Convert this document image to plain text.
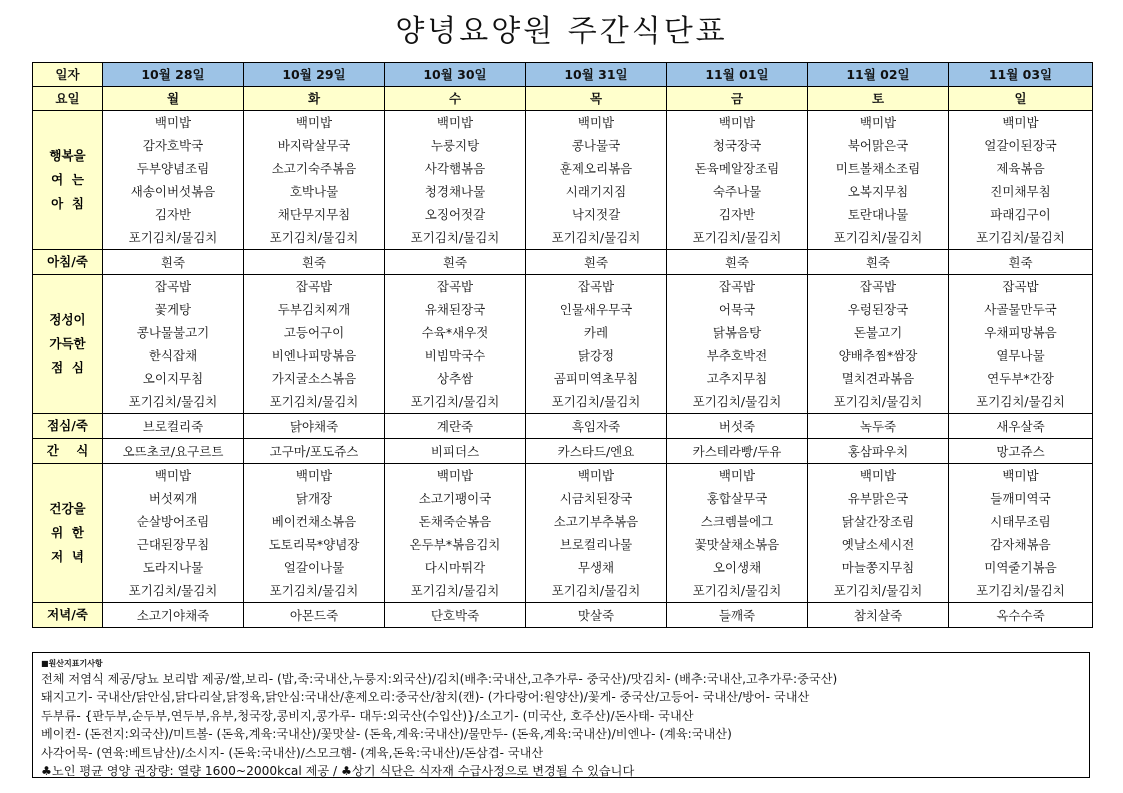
양녕요양원 주간식단표
일자	10월 28일	10월 29일	10월 30일	10월 31일	11월 01일	11월 02일	11월 03일
요일	월	화	수	목	금	토	일

행복을
여  는
아  침	백미밥	백미밥	백미밥	백미밥	백미밥	백미밥	백미밥
	감자호박국	바지락살무국	누룽지탕	콩나물국	청국장국	북어맑은국	얼갈이된장국
	두부양념조림	소고기숙주볶음	사각햄볶음	훈제오리볶음	돈육메알장조림	미트볼채소조림	제육볶음
	새송이버섯볶음	호박나물	청경채나물	시래기지짐	숙주나물	오복지무침	진미채무침
	김자반	채단무지무침	오징어젓갈	낙지젓갈	김자반	토란대나물	파래김구이
	포기김치/물김치	포기김치/물김치	포기김치/물김치	포기김치/물김치	포기김치/물김치	포기김치/물김치	포기김치/물김치

아침/죽	흰죽	흰죽	흰죽	흰죽	흰죽	흰죽	흰죽

정성이
가득한
점  심	잡곡밥	잡곡밥	잡곡밥	잡곡밥	잡곡밥	잡곡밥	잡곡밥
	꽃게탕	두부김치찌개	유채된장국	인물새우무국	어묵국	우렁된장국	사골물만두국
	콩나물불고기	고등어구이	수육*새우젓	카레	닭볶음탕	돈불고기	우채피망볶음
	한식잡채	비엔나피망볶음	비빔막국수	닭강정	부추호박전	양배추찜*쌈장	열무나물
	오이지무침	가지굴소스볶음	상추쌈	곰피미역초무침	고추지무침	멸치견과볶음	연두부*간장
	포기김치/물김치	포기김치/물김치	포기김치/물김치	포기김치/물김치	포기김치/물김치	포기김치/물김치	포기김치/물김치

점심/죽	브로컬리죽	닭야채죽	계란죽	흑임자죽	버섯죽	녹두죽	새우살죽

간    식	오뜨초코/요구르트	고구마/포도쥬스	비피더스	카스타드/엔요	카스테라빵/두유	홍삼파우치	망고쥬스

건강을
위  한
저  녁	백미밥	백미밥	백미밥	백미밥	백미밥	백미밥	백미밥
	버섯찌개	닭개장	소고기팽이국	시금치된장국	홍합살무국	유부맑은국	들깨미역국
	순살방어조림	베이컨채소볶음	돈채죽순볶음	소고기부추볶음	스크렘블에그	닭살간장조림	시태무조림
	근대된장무침	도토리묵*양념장	온두부*볶음김치	브로컬리나물	꽃맛살채소볶음	옛날소세시전	감자채볶음
	도라지나물	얼갈이나물	다시마튀각	무생채	오이생채	마늘쫑지무침	미역줄기볶음
	포기김치/물김치	포기김치/물김치	포기김치/물김치	포기김치/물김치	포기김치/물김치	포기김치/물김치	포기김치/물김치

저녁/죽	소고기야채죽	아몬드죽	단호박죽	맛살죽	들깨죽	참치살죽	옥수수죽
■원산지표기사항
전체 저염식 제공/당뇨 보리밥 제공/쌀,보리- (밥,죽:국내산,누룽지:외국산)/김치(배추:국내산,고추가루- 중국산)/맛김치- (배추:국내산,고추가루:중국산)
돼지고기- 국내산/닭안심,닭다리살,닭정육,닭안심:국내산/훈제오리:중국산/참치(캔)- (가다랑어:원양산)/꽃게- 중국산/고등어- 국내산/방어- 국내산
두부류- {판두부,순두부,연두부,유부,청국장,콩비지,콩가루- 대두:외국산(수입산)}/소고기- (미국산, 호주산)/돈사태- 국내산
베이컨- (돈전지:외국산)/미트볼- (돈육,계육:국내산)/꽃맛살- (돈육,계육:국내산)/물만두- (돈육,계육:국내산)/비엔나- (계육:국내산)
사각어묵- (연육:베트남산)/소시지- (돈육:국내산)/스모크햄- (계육,돈육:국내산)/돈삼겹- 국내산
♣노인 평균 영양 권장량: 열량 1600~2000kcal 제공 / ♣상기 식단은 식자재 수급사정으로 변경될 수 있습니다
